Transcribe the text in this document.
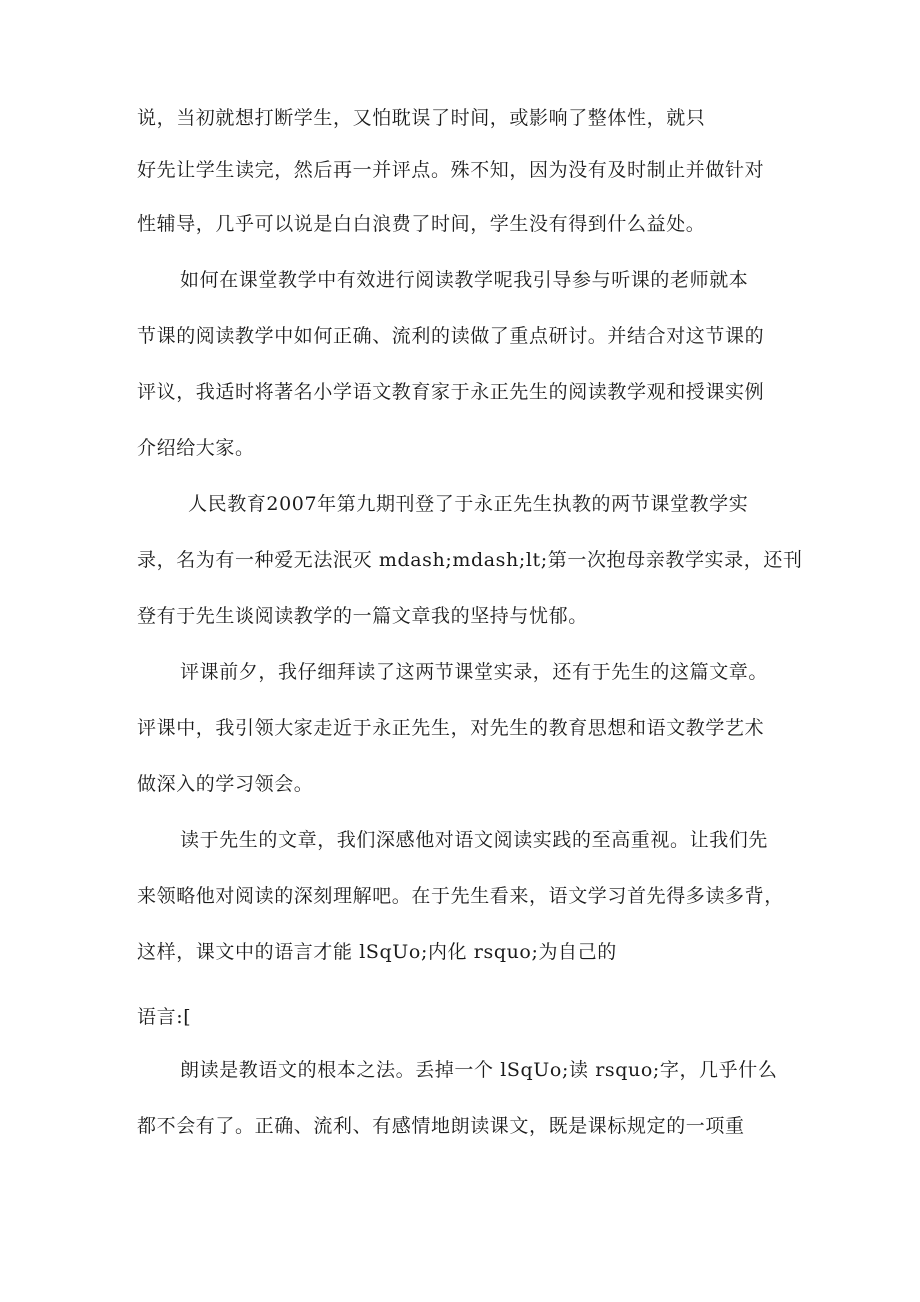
说，当初就想打断学生，又怕耽误了时间，或影响了整体性，就只
好先让学生读完，然后再一并评点。殊不知，因为没有及时制止并做针对
性辅导，几乎可以说是白白浪费了时间，学生没有得到什么益处。
如何在课堂教学中有效进行阅读教学呢我引导参与听课的老师就本
节课的阅读教学中如何正确、流利的读做了重点研讨。并结合对这节课的
评议，我适时将著名小学语文教育家于永正先生的阅读教学观和授课实例
介绍给大家。
人民教育2007年第九期刊登了于永正先生执教的两节课堂教学实
录，名为有一种爱无法泯灭 mdash;mdash;lt;第一次抱母亲教学实录，还刊
登有于先生谈阅读教学的一篇文章我的坚持与忧郁。
评课前夕，我仔细拜读了这两节课堂实录，还有于先生的这篇文章。
评课中，我引领大家走近于永正先生，对先生的教育思想和语文教学艺术
做深入的学习领会。
读于先生的文章，我们深感他对语文阅读实践的至高重视。让我们先
来领略他对阅读的深刻理解吧。在于先生看来，语文学习首先得多读多背，
这样，课文中的语言才能 lSqUo;内化 rsquo;为自己的
语言:[
朗读是教语文的根本之法。丢掉一个 lSqUo;读 rsquo;字，几乎什么
都不会有了。正确、流利、有感情地朗读课文，既是课标规定的一项重
